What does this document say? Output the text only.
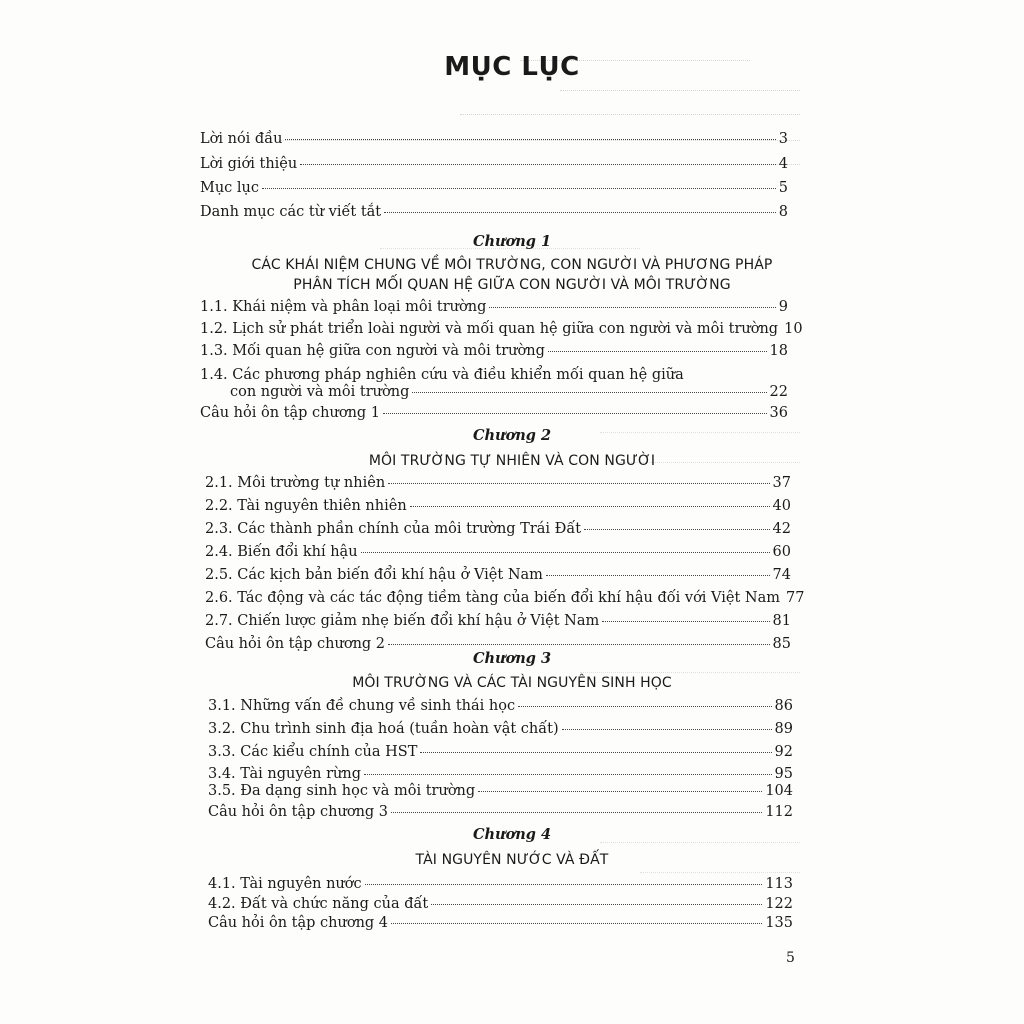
MỤC LỤC
Lời nói đầu	3
Lời giới thiệu	4
Mục lục	5
Danh mục các từ viết tắt	8
Chương 1
CÁC KHÁI NIỆM CHUNG VỀ MÔI TRƯỜNG, CON NGƯỜI VÀ PHƯƠNG PHÁP
PHÂN TÍCH MỐI QUAN HỆ GIỮA CON NGƯỜI VÀ MÔI TRƯỜNG
1.1. Khái niệm và phân loại môi trường	9
1.2. Lịch sử phát triển loài người và mối quan hệ giữa con người và môi trường 10
1.3. Mối quan hệ giữa con người và môi trường	18
1.4. Các phương pháp nghiên cứu và điều khiển mối quan hệ giữa
con người và môi trường	22
Câu hỏi ôn tập chương 1	36
Chương 2
MÔI TRƯỜNG TỰ NHIÊN VÀ CON NGƯỜI
2.1. Môi trường tự nhiên	37
2.2. Tài nguyên thiên nhiên	40
2.3. Các thành phần chính của môi trường Trái Đất	42
2.4. Biến đổi khí hậu	60
2.5. Các kịch bản biến đổi khí hậu ở Việt Nam	74
2.6. Tác động và các tác động tiềm tàng của biến đổi khí hậu đối với Việt Nam 77
2.7. Chiến lược giảm nhẹ biến đổi khí hậu ở Việt Nam	81
Câu hỏi ôn tập chương 2	85
Chương 3
MÔI TRƯỜNG VÀ CÁC TÀI NGUYÊN SINH HỌC
3.1. Những vấn đề chung về sinh thái học	86
3.2. Chu trình sinh địa hoá (tuần hoàn vật chất)	89
3.3. Các kiểu chính của HST	92
3.4. Tài nguyên rừng	95
3.5. Đa dạng sinh học và môi trường	104
Câu hỏi ôn tập chương 3	112
Chương 4
TÀI NGUYÊN NƯỚC VÀ ĐẤT
4.1. Tài nguyên nước	113
4.2. Đất và chức năng của đất	122
Câu hỏi ôn tập chương 4	135
5
